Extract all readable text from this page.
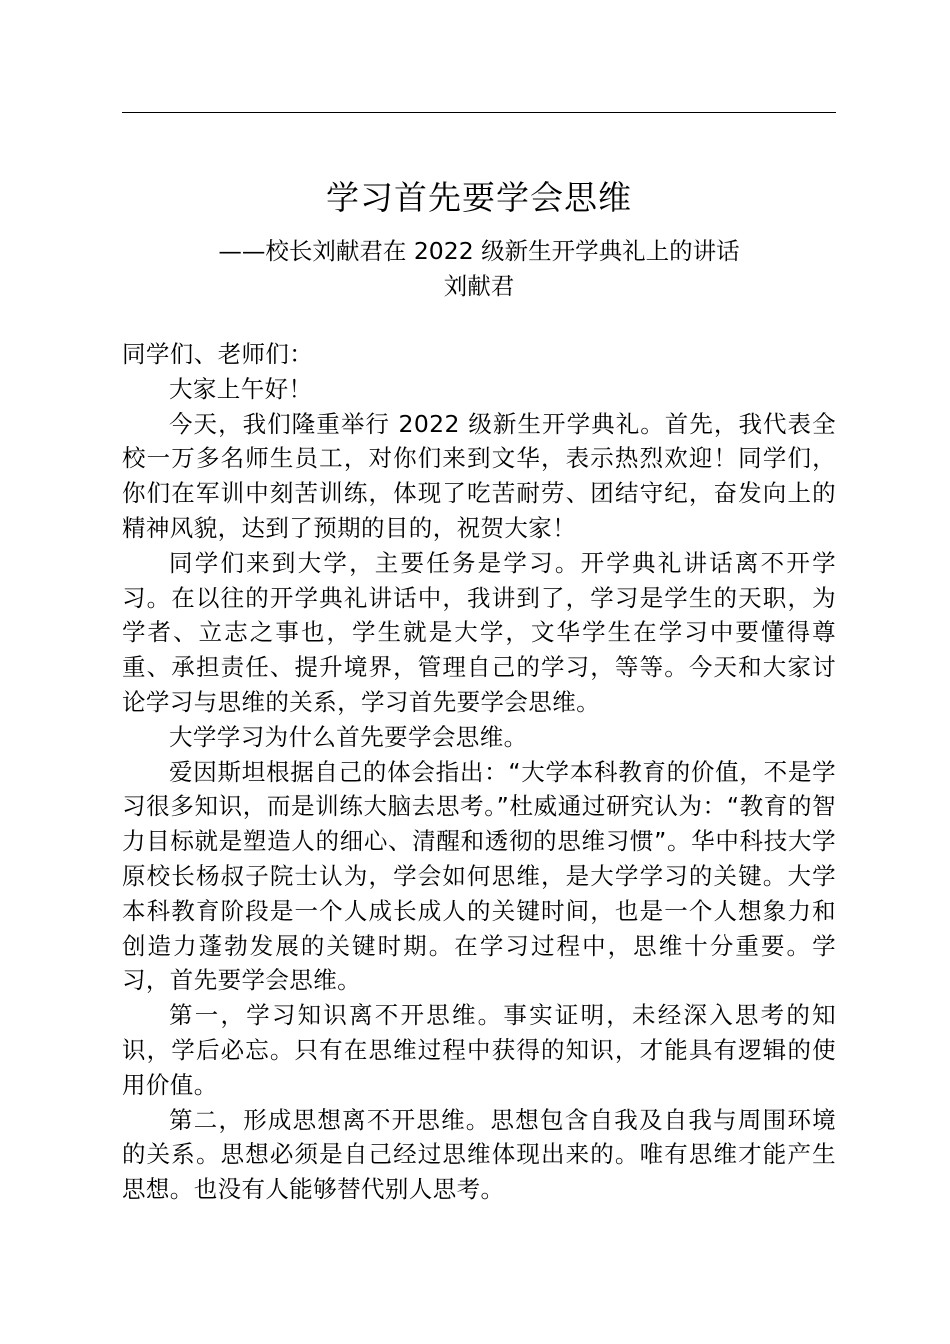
学习首先要学会思维
——校长刘献君在 2022 级新生开学典礼上的讲话
刘献君

同学们、老师们：

大家上午好！

今天，我们隆重举行 2022 级新生开学典礼。首先，我代表全校一万多名师生员工，对你们来到文华，表示热烈欢迎！同学们，你们在军训中刻苦训练，体现了吃苦耐劳、团结守纪，奋发向上的精神风貌，达到了预期的目的，祝贺大家！

同学们来到大学，主要任务是学习。开学典礼讲话离不开学习。在以往的开学典礼讲话中，我讲到了，学习是学生的天职，为学者、立志之事也，学生就是大学，文华学生在学习中要懂得尊重、承担责任、提升境界，管理自己的学习，等等。今天和大家讨论学习与思维的关系，学习首先要学会思维。

大学学习为什么首先要学会思维。

爱因斯坦根据自己的体会指出：“大学本科教育的价值，不是学习很多知识，而是训练大脑去思考。”杜威通过研究认为：“教育的智力目标就是塑造人的细心、清醒和透彻的思维习惯”。华中科技大学原校长杨叔子院士认为，学会如何思维，是大学学习的关键。大学本科教育阶段是一个人成长成人的关键时间，也是一个人想象力和创造力蓬勃发展的关键时期。在学习过程中，思维十分重要。学习，首先要学会思维。

第一，学习知识离不开思维。事实证明，未经深入思考的知识，学后必忘。只有在思维过程中获得的知识，才能具有逻辑的使用价值。

第二，形成思想离不开思维。思想包含自我及自我与周围环境的关系。思想必须是自己经过思维体现出来的。唯有思维才能产生思想。也没有人能够替代别人思考。
